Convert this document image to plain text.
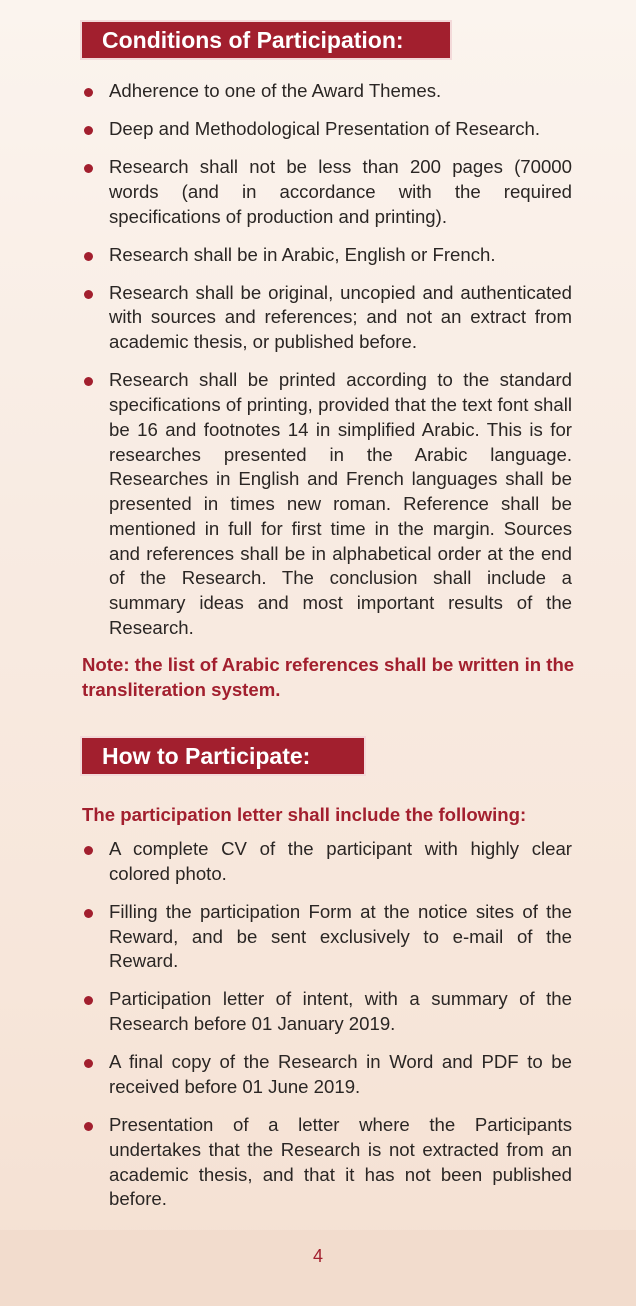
Conditions of Participation:
Adherence to one of the Award Themes.
Deep and Methodological Presentation of Research.
Research shall not be less than 200 pages (70000 words (and in accordance with the required specifications of production and printing).
Research shall be in Arabic, English or French.
Research shall be original, uncopied and authenticated with sources and references; and not an extract from academic thesis, or published before.
Research shall be printed according to the standard specifications of printing, provided that the text font shall be 16 and footnotes 14 in simplified Arabic. This is for researches presented in the Arabic language. Researches in English and French languages shall be presented in times new roman. Reference shall be mentioned in full for first time in the margin. Sources and references shall be in alphabetical order at the end of the Research. The conclusion shall include a summary ideas and most important results of the Research.
Note: the list of Arabic references shall be written in the transliteration system.
How to Participate:
The participation letter shall include the following:
A complete CV of the participant with highly clear colored photo.
Filling the participation Form at the notice sites of the Reward, and be sent exclusively to e-mail of the Reward.
Participation letter of intent, with a summary of the Research before 01 January 2019.
A final copy of the Research in Word and PDF to be received before 01 June 2019.
Presentation of a letter where the Participants undertakes that the Research is not extracted from an academic thesis, and that it has not been published before.
4
